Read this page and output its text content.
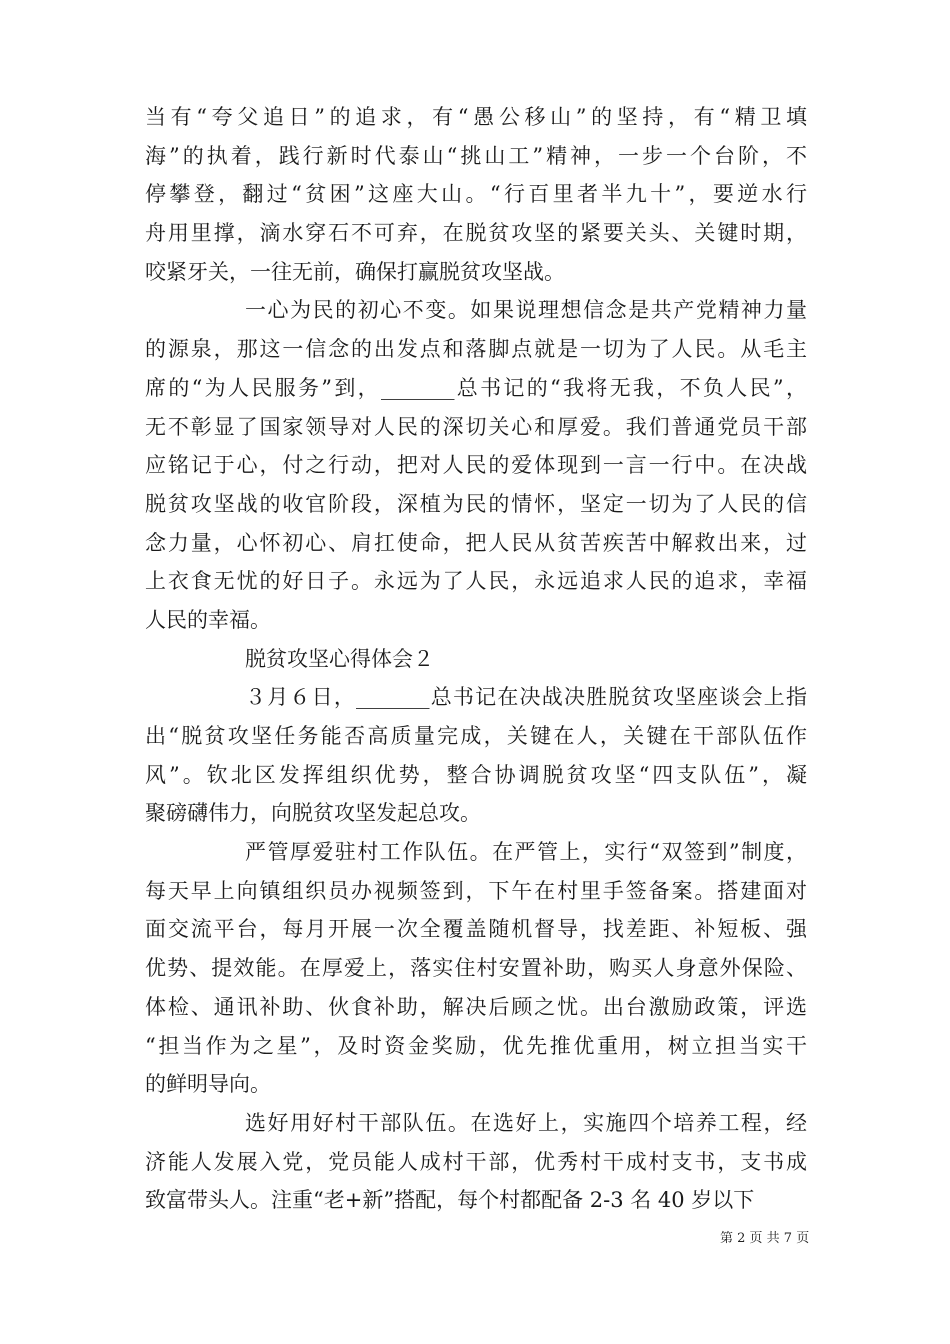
当有“夸父追日”的追求，有“愚公移山”的坚持，有“精卫填
海”的执着，践行新时代泰山“挑山工”精神，一步一个台阶，不
停攀登，翻过“贫困”这座大山。“行百里者半九十”，要逆水行
舟用里撑，滴水穿石不可弃，在脱贫攻坚的紧要关头、关键时期，
咬紧牙关，一往无前，确保打赢脱贫攻坚战。
一心为民的初心不变。如果说理想信念是共产党精神力量
的源泉，那这一信念的出发点和落脚点就是一切为了人民。从毛主
席的“为人民服务”到，_______总书记的“我将无我，不负人民”，
无不彰显了国家领导对人民的深切关心和厚爱。我们普通党员干部
应铭记于心，付之行动，把对人民的爱体现到一言一行中。在决战
脱贫攻坚战的收官阶段，深植为民的情怀，坚定一切为了人民的信
念力量，心怀初心、肩扛使命，把人民从贫苦疾苦中解救出来，过
上衣食无忧的好日子。永远为了人民，永远追求人民的追求，幸福
人民的幸福。
脱贫攻坚心得体会２
３月６日，_______总书记在决战决胜脱贫攻坚座谈会上指
出“脱贫攻坚任务能否高质量完成，关键在人，关键在干部队伍作
风”。钦北区发挥组织优势，整合协调脱贫攻坚“四支队伍”，凝
聚磅礴伟力，向脱贫攻坚发起总攻。
严管厚爱驻村工作队伍。在严管上，实行“双签到”制度，
每天早上向镇组织员办视频签到，下午在村里手签备案。搭建面对
面交流平台，每月开展一次全覆盖随机督导，找差距、补短板、强
优势、提效能。在厚爱上，落实住村安置补助，购买人身意外保险、
体检、通讯补助、伙食补助，解决后顾之忧。出台激励政策，评选
“担当作为之星”，及时资金奖励，优先推优重用，树立担当实干
的鲜明导向。
选好用好村干部队伍。在选好上，实施四个培养工程，经
济能人发展入党，党员能人成村干部，优秀村干成村支书，支书成
致富带头人。注重“老+新”搭配，每个村都配备 2-3 名 40 岁以下
第 2 页 共 7 页
